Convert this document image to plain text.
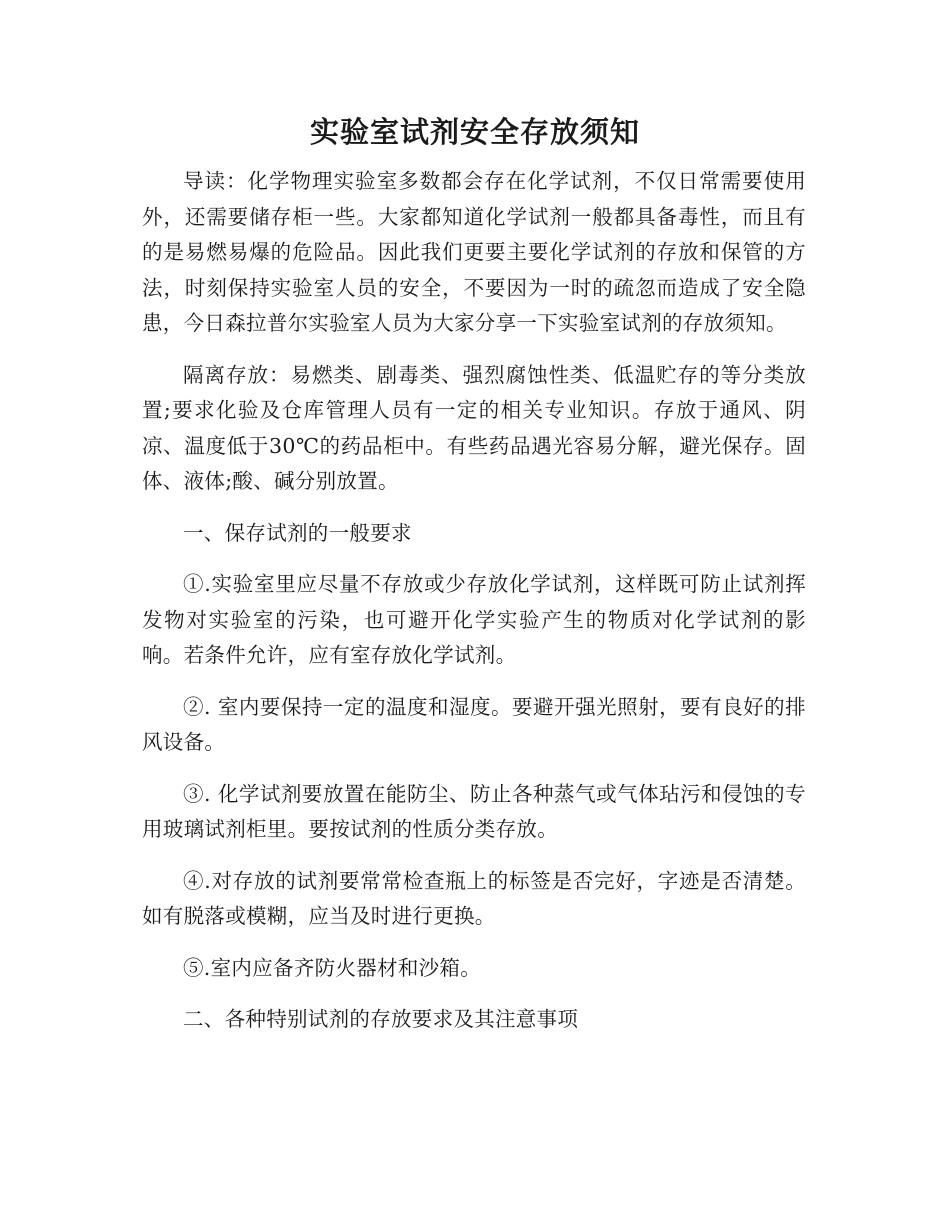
实验室试剂安全存放须知

导读：化学物理实验室多数都会存在化学试剂，不仅日常需要使用外，还需要储存柜一些。大家都知道化学试剂一般都具备毒性，而且有的是易燃易爆的危险品。因此我们更要主要化学试剂的存放和保管的方法，时刻保持实验室人员的安全，不要因为一时的疏忽而造成了安全隐患，今日森拉普尔实验室人员为大家分享一下实验室试剂的存放须知。

隔离存放：易燃类、剧毒类、强烈腐蚀性类、低温贮存的等分类放置;要求化验及仓库管理人员有一定的相关专业知识。存放于通风、阴凉、温度低于30℃的药品柜中。有些药品遇光容易分解，避光保存。固体、液体;酸、碱分别放置。

一、保存试剂的一般要求

①.实验室里应尽量不存放或少存放化学试剂，这样既可防止试剂挥发物对实验室的污染，也可避开化学实验产生的物质对化学试剂的影响。若条件允许，应有室存放化学试剂。

②. 室内要保持一定的温度和湿度。要避开强光照射，要有良好的排风设备。

③. 化学试剂要放置在能防尘、防止各种蒸气或气体玷污和侵蚀的专用玻璃试剂柜里。要按试剂的性质分类存放。

④.对存放的试剂要常常检查瓶上的标签是否完好，字迹是否清楚。如有脱落或模糊，应当及时进行更换。

⑤.室内应备齐防火器材和沙箱。

二、各种特别试剂的存放要求及其注意事项
